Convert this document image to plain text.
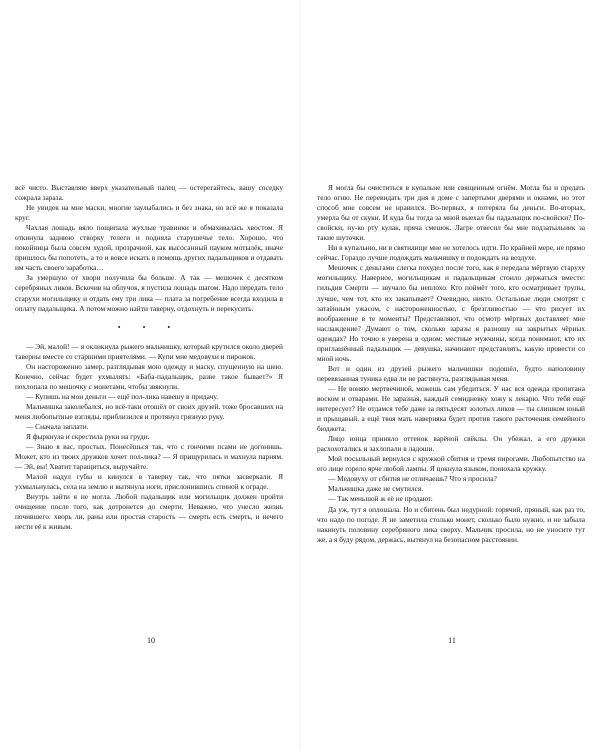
всё чисто. Выставляю вверх указательный палец — остерегайтесь, вашу соседку сожрала зараза.

Не увидев на мне маски, многие заулыбались и без знака, но всё же я показала круг.

Чахлая лошадь вяло пощипала жухлые травинки и обмахивалась хвостом. Я откинула заднюю створку телеги и подняла старушечье тело. Хорошо, что покойница была совсем худой, прозрачной, как высосанный пауком мотылёк, иначе пришлось бы попотеть, а то и вовсе искать в помощь других падальщиков и отдавать им часть своего заработка…

За умершую от хвори получила бы больше. А так — мешочек с десятком серебряных ликов. Вскочив на облучок, я пустила лошадь шагом. Надо передать тело старухи могильщику и отдать ему три лика — плата за погребение всегда входила в оплату падальщика. А потом можно найти таверну, отдохнуть и перекусить.

• • •

— Эй, малой! — я окликнула рыжего мальчишку, который крутился около дверей таверны вместе со старшими приятелями. — Купи мне медовухи и пирожок.

Он настороженно замер, разглядывая мою одежду и маску, спущенную на шею. Конечно, сейчас будет ухмылять: «Баба-падальщик, разве такое бывает?» Я похлопала по мешочку с монетами, чтобы звякнули.

— Купишь на мои деньги — ещё пол-лика навешу в придачу.

Мальчишка заколебался, но всё-таки отошёл от своих друзей, тоже бросавших на меня любопытные взгляды, приблизился и протянул грязную руку.

— Сначала заплати.

Я фыркнула и скрестила руки на груди.

— Знаю я вас, простых. Понесёшься так, что с гончими псами не догонишь. Может, кто из твоих дружков хочет пол-лика? — Я прищурилась и махнула парням. — Эй, вы! Хватит таращиться, выручайте.

Малой надул губы и кинулся в таверну так, что пятки засверкали. Я ухмыльнулась, села на землю и вытянула ноги, прислонившись спиной к ограде.

Внутрь зайти я не могла. Любой падальщик или могильщик должен пройти очищение после того, как дотронется до смерти. Неважно, что унесло жизнь почившего: хворь ли, раны или простая старость — смерть есть смерть, и нечего нести её к живым.

10

Я могла бы очиститься в купальне или священным огнём. Могла бы и предать тело огню. Не перевидать три дня в доме с запертыми дверями и окнами, но этот способ мне совсем не нравился. Во-первых, я потеряла бы деньги. Во-вторых, умерла бы от скуки. И куда бы тогда за мной выехал бы падальщик по-свойски? По-свойски, ну-ко рту кулак, пряча смешок. Лагре отвесил бы мне подзатыльник за такие шуточки.

Ни в купальню, ни в святилище мне не хотелось идти. По крайней мере, не прямо сейчас. Гораздо лучше подождать мальчишку и подождать на воздухе.

Мешочек с деньгами слегка похудел после того, как я передала мёртвую старуху могильщику. Наверное, могильщикам и падальщикам стоило держаться вместе: гильдия Смерти — звучало бы неплохо. Кто поймёт того, кто осматривает трупы, лучше, чем тот, кто их закапывает? Очевидно, никто. Остальные люди смотрят с затаённым ужасом, с настороженностью, с брезгливостью — что рисует их воображение в те моменты? Представляют, что осмотр мёртвых доставляет мне наслаждение? Думают о том, сколько заразы я разношу на закрытых чёрных одеждах? Но точно я уверена в одном: местные мужчины, когда понимают, кто их приглашённый падальщик — девушка, начинают представлять, какую провести со мной ночь.

Вот и один из друзей рыжего мальчишки подошёл, будто наполовину перевязанная туника едва ли не растянута, разглядывая меня.

— Не воняю мертвечиной, можешь сам убедиться. У нас вся одежда пропитана воском и отварами. Не заразная, каждый семидневку хожу к лекарю. Что тебя ещё интересует? Не отдамся тебе даже за пятьдесят золотых ликов — ты слишком юный и прыщавый, а ещё твоя мать наверняка будет против такого расточения семейного бюджета.

Лицо юнца приняло оттенок варёной свёклы. Он убежал, а его дружки расхохотались и захлопали в ладоши.

Мой посыльный вернулся с кружкой сбитня и тремя пирогами. Любопытство на его лице горело ярче любой лампы. Я цокнула языком, понюхала кружку.

— Медовуху от сбитня не отличаешь? Что я просила?

Мальчишка даже не смутился.

— Так меньшой ж её не продают.

Да уж, тут я оплошала. Но и сбитень был недурной: горячий, пряный, как раз то, что надо по погоде. Я не заметила столько монет, сколько было нужно, и не забыла накинуть половину серебряного лика сверху. Мальчик просила, но не уносите тут же, а я буду рядом, держась, вытянул на безопасном расстоянии.

11
